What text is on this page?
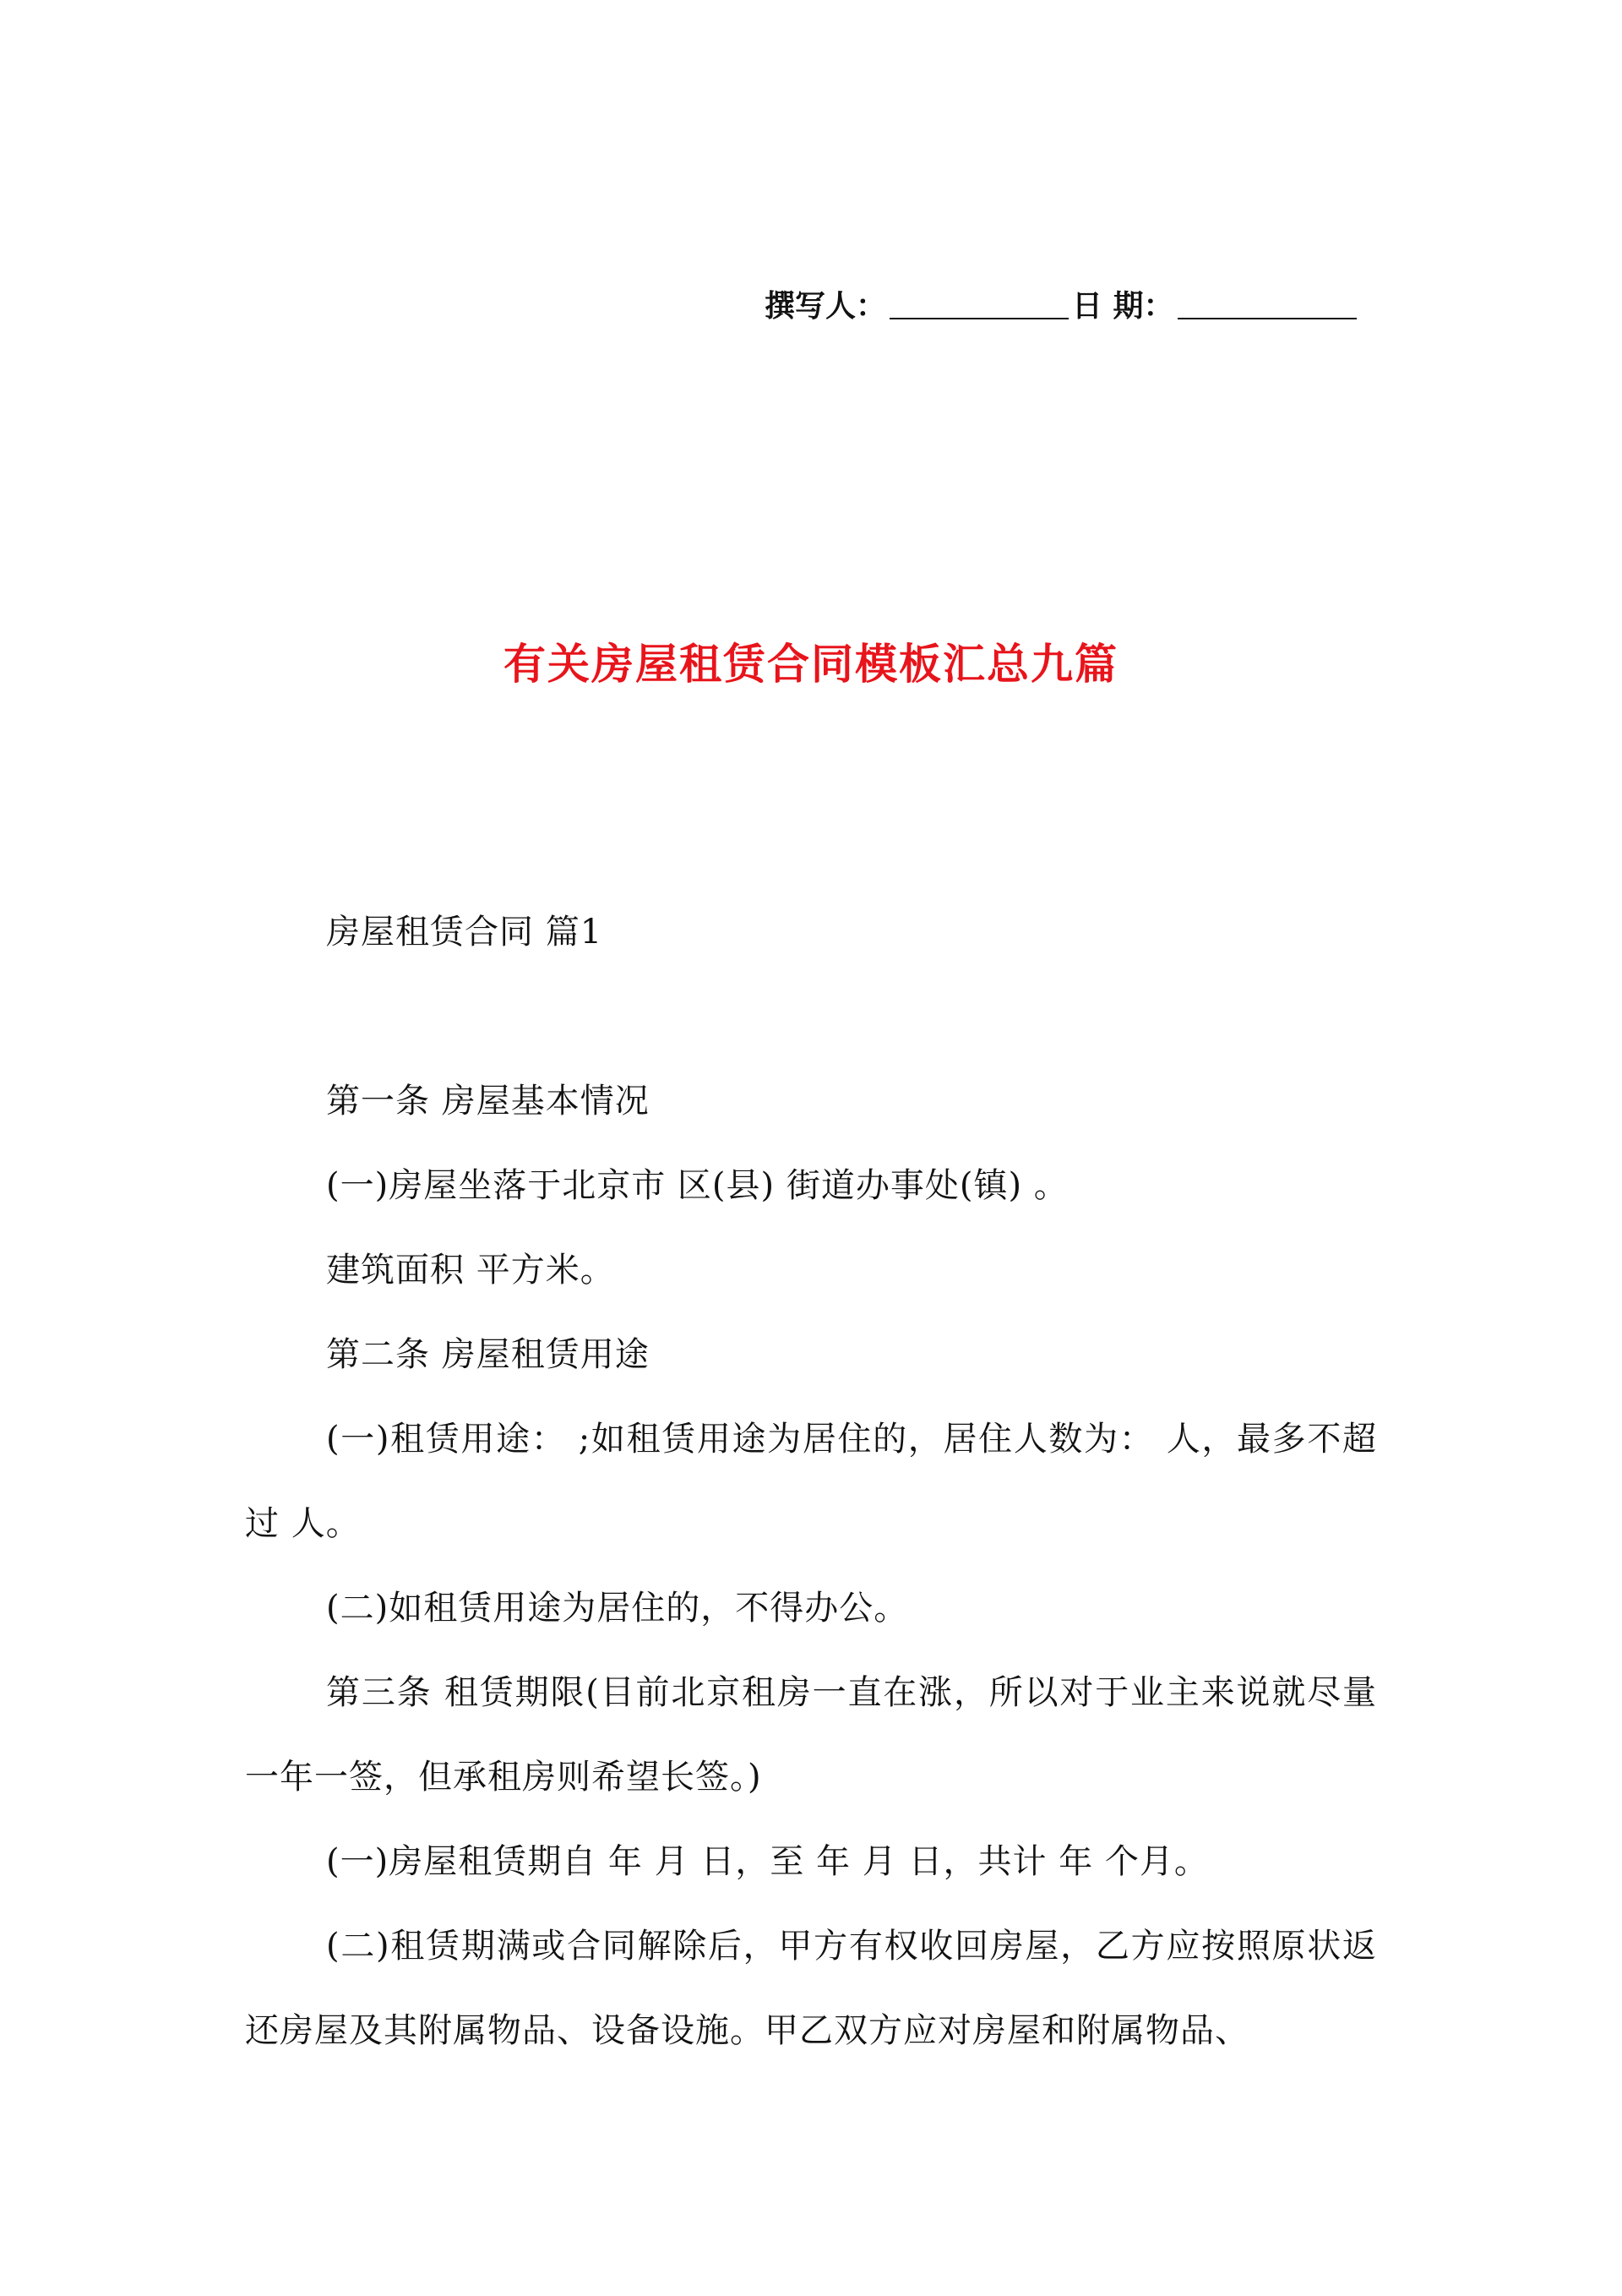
撰写人：	日 期：
有关房屋租赁合同模板汇总九篇

房屋租赁合同 篇1

第一条 房屋基本情况

(一)房屋坐落于北京市 区(县) 街道办事处(镇) 。

建筑面积 平方米。

第二条 房屋租赁用途

(一)租赁用途： ;如租赁用途为居住的，居住人数为： 人，最多不超过 人。

(二)如租赁用途为居住的，不得办公。

第三条 租赁期限(目前北京租房一直在涨，所以对于业主来说就尽量一年一签，但承租房则希望长签。)

(一)房屋租赁期自 年 月 日，至 年 月 日，共计 年 个月。

(二)租赁期满或合同解除后，甲方有权收回房屋，乙方应按照原状返还房屋及其附属物品、设备设施。甲乙双方应对房屋和附属物品、
